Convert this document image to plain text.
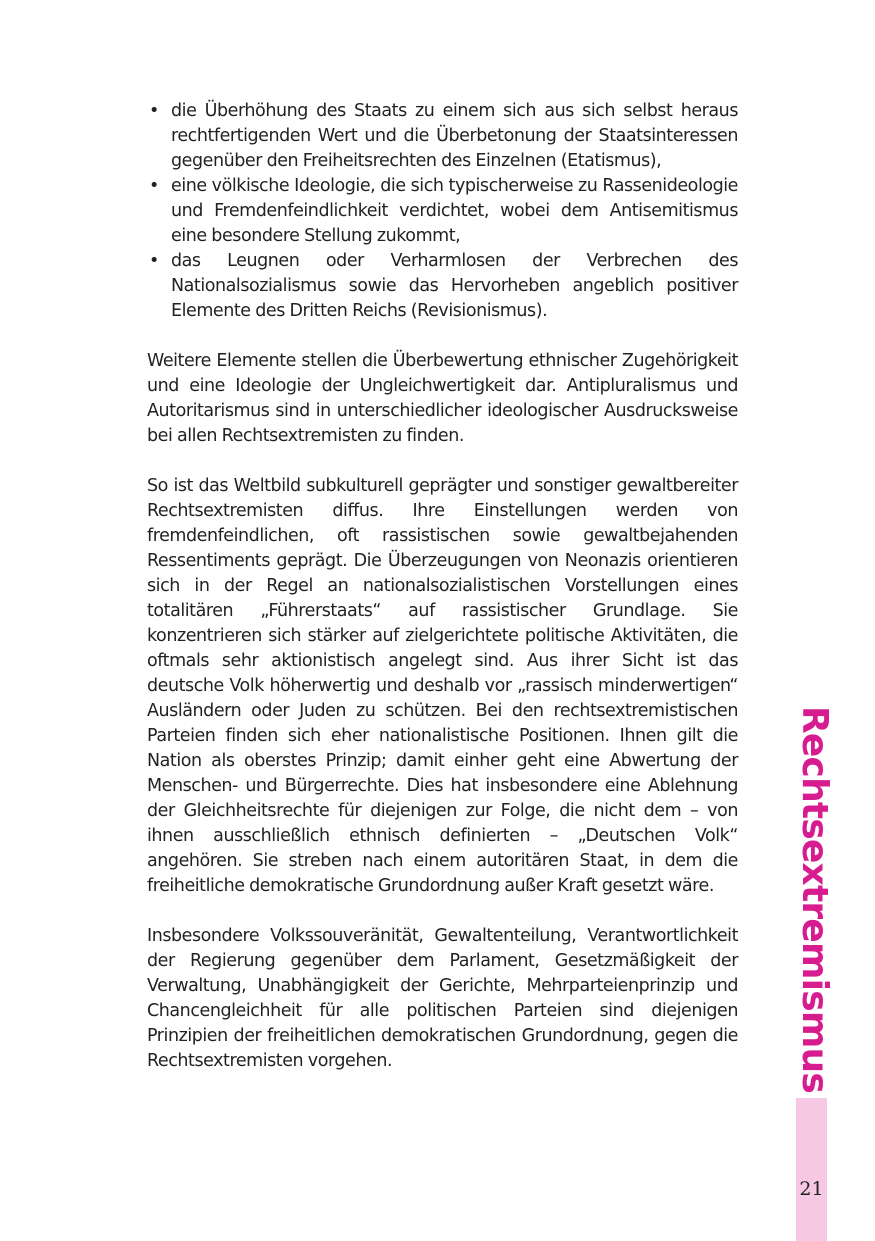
• die Überhöhung des Staats zu einem sich aus sich selbst heraus rechtfertigenden Wert und die Überbetonung der Staatsinteressen gegenüber den Freiheitsrechten des Einzelnen (Etatismus),
• eine völkische Ideologie, die sich typischerweise zu Rassenideologie und Fremdenfeindlichkeit verdichtet, wobei dem Antisemitismus eine besondere Stellung zukommt,
• das Leugnen oder Verharmlosen der Verbrechen des Nationalsozialismus sowie das Hervorheben angeblich positiver Elemente des Dritten Reichs (Revisionismus).

Weitere Elemente stellen die Überbewertung ethnischer Zugehörigkeit und eine Ideologie der Ungleichwertigkeit dar. Antipluralismus und Autoritarismus sind in unterschiedlicher ideologischer Ausdrucksweise bei allen Rechtsextremisten zu finden.

So ist das Weltbild subkulturell geprägter und sonstiger gewaltbereiter Rechtsextremisten diffus. Ihre Einstellungen werden von fremdenfeindlichen, oft rassistischen sowie gewaltbejahenden Ressentiments geprägt. Die Überzeugungen von Neonazis orientieren sich in der Regel an nationalsozialistischen Vorstellungen eines totalitären „Führerstaats“ auf rassistischer Grundlage. Sie konzentrieren sich stärker auf zielgerichtete politische Aktivitäten, die oftmals sehr aktionistisch angelegt sind. Aus ihrer Sicht ist das deutsche Volk höherwertig und deshalb vor „rassisch minderwertigen“ Ausländern oder Juden zu schützen. Bei den rechtsextremistischen Parteien finden sich eher nationalistische Positionen. Ihnen gilt die Nation als oberstes Prinzip; damit einher geht eine Abwertung der Menschen- und Bürgerrechte. Dies hat insbesondere eine Ablehnung der Gleichheitsrechte für diejenigen zur Folge, die nicht dem – von ihnen ausschließlich ethnisch definierten – „Deutschen Volk“ angehören. Sie streben nach einem autoritären Staat, in dem die freiheitliche demokratische Grundordnung außer Kraft gesetzt wäre.

Insbesondere Volkssouveränität, Gewaltenteilung, Verantwortlichkeit der Regierung gegenüber dem Parlament, Gesetzmäßigkeit der Verwaltung, Unabhängigkeit der Gerichte, Mehrparteienprinzip und Chancengleichheit für alle politischen Parteien sind diejenigen Prinzipien der freiheitlichen demokratischen Grundordnung, gegen die Rechtsextremisten vorgehen.	Rechtsextremismus
21
